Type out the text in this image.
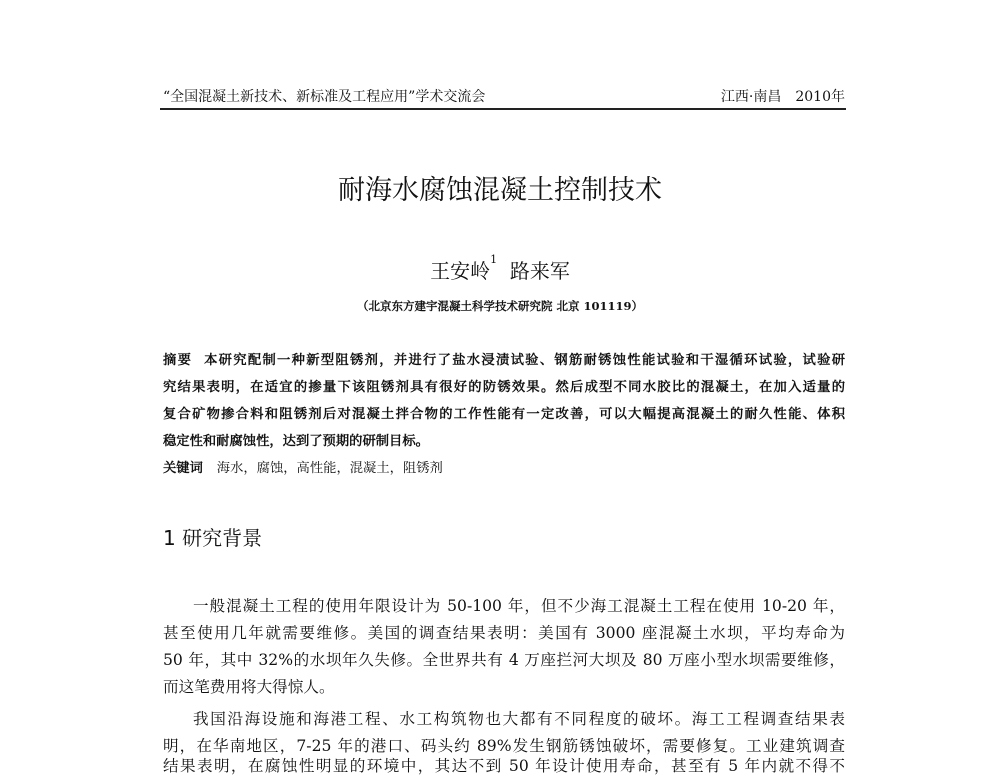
“全国混凝土新技术、新标准及工程应用”学术交流会	江西·南昌　2010年
耐海水腐蚀混凝土控制技术
王安岭$^1$ 路来军
（北京东方建宇混凝土科学技术研究院 北京 101119）
摘要 本研究配制一种新型阻锈剂，并进行了盐水浸渍试验、钢筋耐锈蚀性能试验和干湿循环试验，试验研
究结果表明，在适宜的掺量下该阻锈剂具有很好的防锈效果。然后成型不同水胶比的混凝土，在加入适量的
复合矿物掺合料和阻锈剂后对混凝土拌合物的工作性能有一定改善，可以大幅提高混凝土的耐久性能、体积
稳定性和耐腐蚀性，达到了预期的研制目标。
关键词 海水，腐蚀，高性能，混凝土，阻锈剂
1 研究背景
一般混凝土工程的使用年限设计为 50-100 年，但不少海工混凝土工程在使用 10-20 年，
甚至使用几年就需要维修。美国的调查结果表明：美国有 3000 座混凝土水坝，平均寿命为
50 年，其中 32%的水坝年久失修。全世界共有 4 万座拦河大坝及 80 万座小型水坝需要维修，
而这笔费用将大得惊人。
我国沿海设施和海港工程、水工构筑物也大都有不同程度的破坏。海工工程调查结果表
明，在华南地区，7-25 年的港口、码头约 89%发生钢筋锈蚀破坏，需要修复。工业建筑调查
结果表明，在腐蚀性明显的环境中，其达不到 50 年设计使用寿命，甚至有 5 年内就不得不
